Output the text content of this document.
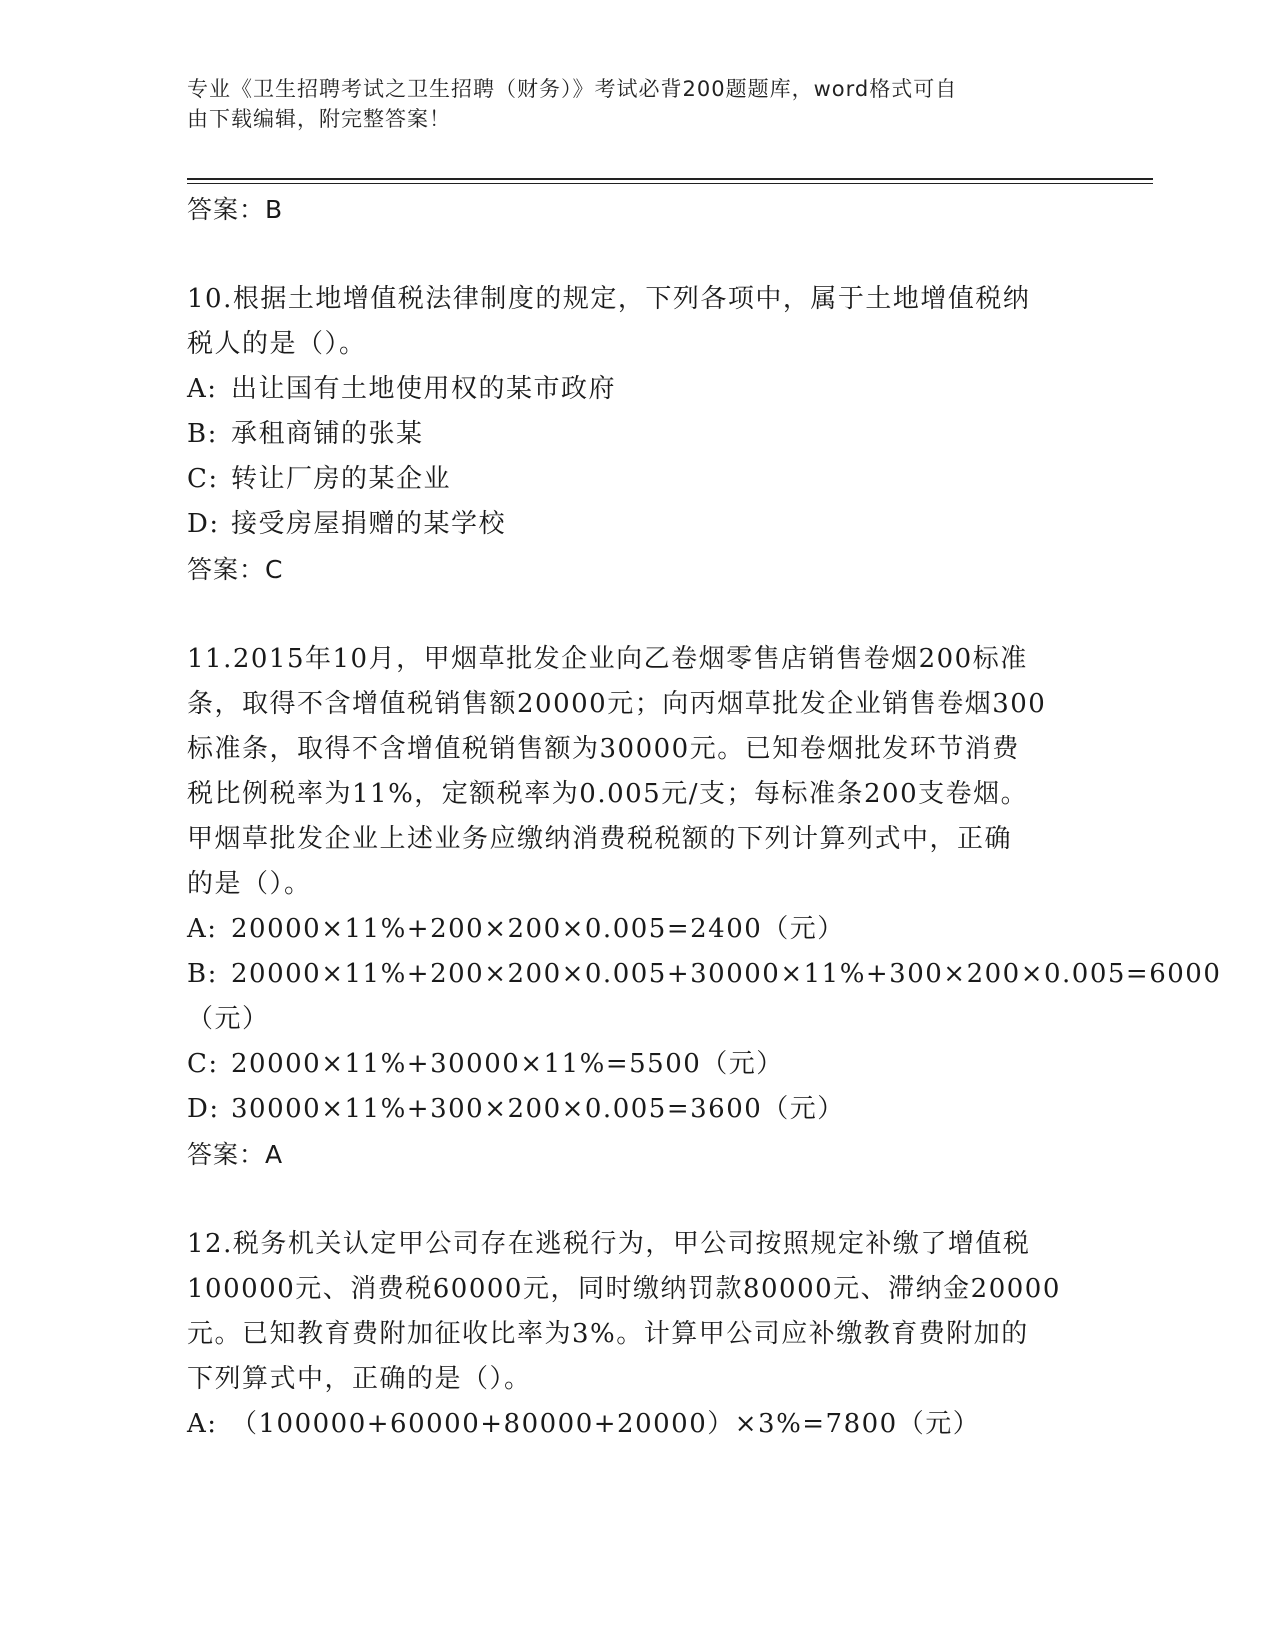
专业《卫生招聘考试之卫生招聘（财务）》考试必背200题题库，word格式可自
由下载编辑，附完整答案！
答案：B
10.根据土地增值税法律制度的规定，下列各项中，属于土地增值税纳
税人的是（）。
A: 出让国有土地使用权的某市政府
B: 承租商铺的张某
C: 转让厂房的某企业
D: 接受房屋捐赠的某学校
答案：C
11.2015年10月，甲烟草批发企业向乙卷烟零售店销售卷烟200标准
条，取得不含增值税销售额20000元；向丙烟草批发企业销售卷烟300
标准条，取得不含增值税销售额为30000元。已知卷烟批发环节消费
税比例税率为11%，定额税率为0.005元/支；每标准条200支卷烟。
甲烟草批发企业上述业务应缴纳消费税税额的下列计算列式中，正确
的是（）。
A: 20000×11%+200×200×0.005=2400（元）
B: 20000×11%+200×200×0.005+30000×11%+300×200×0.005=6000
（元）
C: 20000×11%+30000×11%=5500（元）
D: 30000×11%+300×200×0.005=3600（元）
答案：A
12.税务机关认定甲公司存在逃税行为，甲公司按照规定补缴了增值税
100000元、消费税60000元，同时缴纳罚款80000元、滞纳金20000
元。已知教育费附加征收比率为3%。计算甲公司应补缴教育费附加的
下列算式中，正确的是（）。
A: （100000+60000+80000+20000）×3%=7800（元）
